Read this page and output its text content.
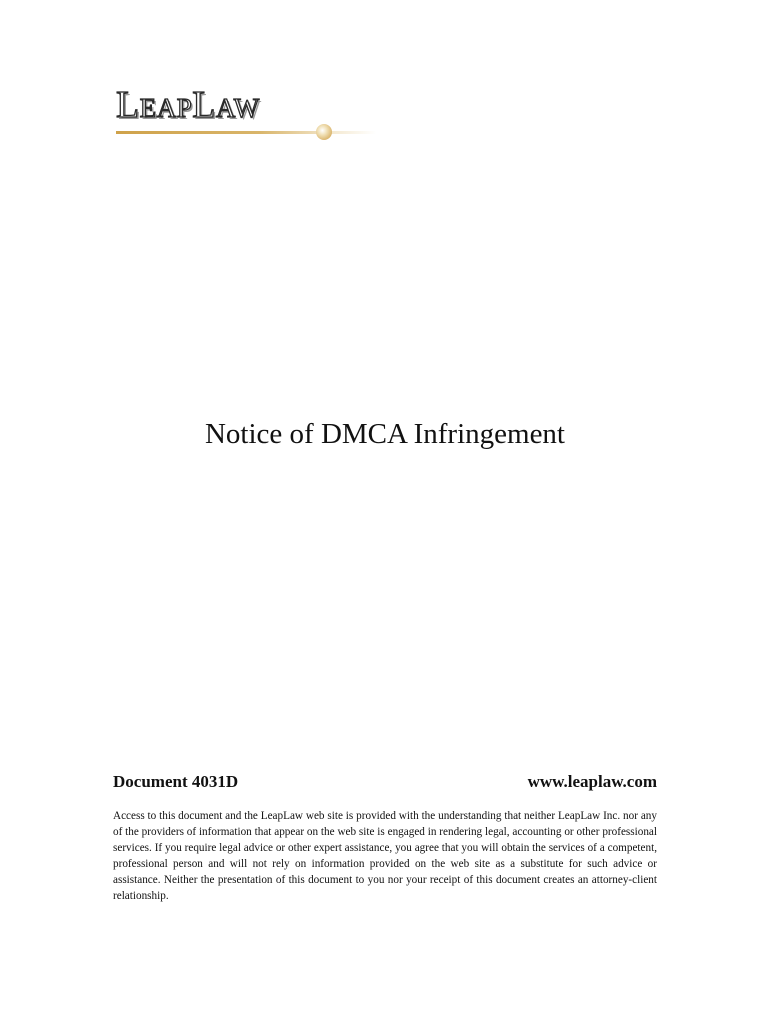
LeapLaw
Notice of DMCA Infringement
Document 4031D	www.leaplaw.com

Access to this document and the LeapLaw web site is provided with the understanding that neither LeapLaw Inc. nor any of the providers of information that appear on the web site is engaged in rendering legal, accounting or other professional services. If you require legal advice or other expert assistance, you agree that you will obtain the services of a competent, professional person and will not rely on information provided on the web site as a substitute for such advice or assistance. Neither the presentation of this document to you nor your receipt of this document creates an attorney-client relationship.
